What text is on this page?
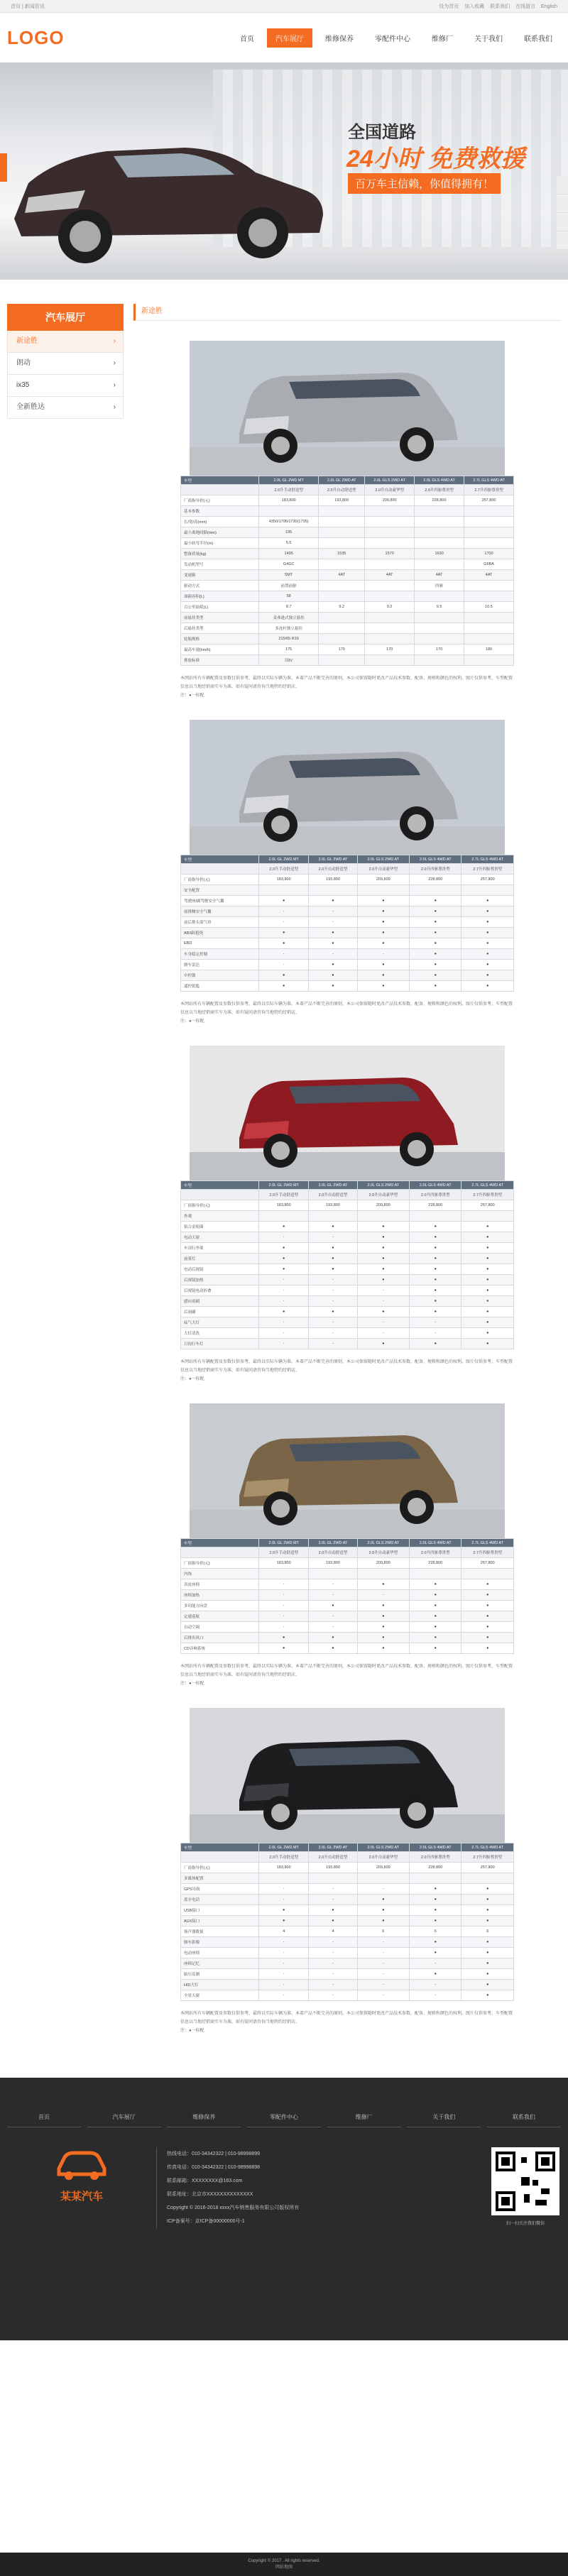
首页 | 新闻资讯	设为首页 加入收藏 联系我们 在线留言 English
LOGO	首页	汽车展厅	维修保养	零配件中心	维修厂	关于我们	联系我们
全国道路
24小时 免费救援
百万车主信赖，你值得拥有！
汽车展厅
新途胜	›
朗动	›
ix35	›
全新胜达	›
新途胜
车型	2.0L GL 2WD MT	2.0L GL 2WD AT	2.0L GLS 2WD AT	2.0L GLS 4WD AT	2.7L GLS 4WD AT
	2.0升手动舒适型	2.0升自动舒适型	2.0升自动豪华型	2.0升四驱尊贵型	2.7升四驱尊贵型
厂商指导价(元)	183,800	193,800	209,800	228,800	257,800
基本参数					
长/宽/高(mm)	4350/1795/1730(1735)				
最小离地间隙(mm)	195				
最小转弯半径(m)	5.5				
整备质量(kg)	1495	1535	1570	1630	1700
发动机型号	G4GC				G6BA
变速箱	5MT	4AT	4AT	4AT	4AT
驱动方式	前置前驱			四驱	
油箱容积(L)	58				
百公里油耗(L)	8.7	9.2	9.2	9.5	10.5
前悬挂类型	麦弗逊式独立悬挂				
后悬挂类型	多连杆独立悬挂				
轮胎规格	215/65 R16				
最高车速(km/h)	175	170	170	170	180
排放标准	国IV				
本网站所有车辆配置及参数仅供参考，最终以实际车辆为准。本着产品不断完善的原则，本公司保留随时更改产品技术参数、配备、规格和颜色的权利。图片仅供参考，车型配置信息以当地经销商实车为准，如有疑问请咨询当地特约经销店。
注：●一标配
车型	2.0L GL 2WD MT	2.0L GL 2WD AT	2.0L GLS 2WD AT	2.0L GLS 4WD AT	2.7L GLS 4WD AT
	2.0升手动舒适型	2.0升自动舒适型	2.0升自动豪华型	2.0升四驱尊贵型	2.7升四驱尊贵型
厂商指导价(元)	183,800	193,800	209,800	228,800	257,800
安全配置					
驾驶座/副驾驶安全气囊	●	●	●	●	●
前排侧安全气囊	-	-	●	●	●
前后排头部气帘	-	-	●	●	●
ABS防抱死	●	●	●	●	●
EBD	●	●	●	●	●
车身稳定控制	-	-	-	●	●
倒车雷达	-	●	●	●	●
中控锁	●	●	●	●	●
遥控钥匙	●	●	●	●	●
本网站所有车辆配置及参数仅供参考，最终以实际车辆为准。本着产品不断完善的原则，本公司保留随时更改产品技术参数、配备、规格和颜色的权利。图片仅供参考，车型配置信息以当地经销商实车为准，如有疑问请咨询当地特约经销店。
注：●一标配
车型	2.0L GL 2WD MT	2.0L GL 2WD AT	2.0L GLS 2WD AT	2.0L GLS 4WD AT	2.7L GLS 4WD AT
	2.0升手动舒适型	2.0升自动舒适型	2.0升自动豪华型	2.0升四驱尊贵型	2.7升四驱尊贵型
厂商指导价(元)	183,800	193,800	209,800	228,800	257,800
外观					
铝合金轮圈	●	●	●	●	●
电动天窗	-	-	●	●	●
车顶行李架	●	●	●	●	●
前雾灯	●	●	●	●	●
电动后视镜	●	●	●	●	●
后视镜加热	-	-	●	●	●
后视镜电动折叠	-	-	-	●	●
感应雨刷	-	-	-	●	●
后雨刷	●	●	●	●	●
疝气大灯	-	-	-	-	●
大灯清洗	-	-	-	-	●
日间行车灯	-	-	●	●	●
本网站所有车辆配置及参数仅供参考，最终以实际车辆为准。本着产品不断完善的原则，本公司保留随时更改产品技术参数、配备、规格和颜色的权利。图片仅供参考，车型配置信息以当地经销商实车为准，如有疑问请咨询当地特约经销店。
注：●一标配
车型	2.0L GL 2WD MT	2.0L GL 2WD AT	2.0L GLS 2WD AT	2.0L GLS 4WD AT	2.7L GLS 4WD AT
	2.0升手动舒适型	2.0升自动舒适型	2.0升自动豪华型	2.0升四驱尊贵型	2.7升四驱尊贵型
厂商指导价(元)	183,800	193,800	209,800	228,800	257,800
内饰					
真皮座椅	-	-	●	●	●
座椅加热	-	-	-	●	●
多功能方向盘	-	●	●	●	●
定速巡航	-	-	●	●	●
自动空调	-	-	●	●	●
后排出风口	●	●	●	●	●
CD音响系统	●	●	●	●	●
本网站所有车辆配置及参数仅供参考，最终以实际车辆为准。本着产品不断完善的原则，本公司保留随时更改产品技术参数、配备、规格和颜色的权利。图片仅供参考，车型配置信息以当地经销商实车为准，如有疑问请咨询当地特约经销店。
注：●一标配
车型	2.0L GL 2WD MT	2.0L GL 2WD AT	2.0L GLS 2WD AT	2.0L GLS 4WD AT	2.7L GLS 4WD AT
	2.0升手动舒适型	2.0升自动舒适型	2.0升自动豪华型	2.0升四驱尊贵型	2.7升四驱尊贵型
厂商指导价(元)	183,800	193,800	209,800	228,800	257,800
多媒体配置					
GPS导航	-	-	-	●	●
蓝牙电话	-	-	●	●	●
USB接口	●	●	●	●	●
AUX接口	●	●	●	●	●
扬声器数量	4	4	6	6	6
倒车影像	-	-	-	●	●
电动座椅	-	-	-	●	●
座椅记忆	-	-	-	-	●
胎压监测	-	-	-	●	●
HID大灯	-	-	-	-	●
全景天窗	-	-	-	-	●
本网站所有车辆配置及参数仅供参考，最终以实际车辆为准。本着产品不断完善的原则，本公司保留随时更改产品技术参数、配备、规格和颜色的权利。图片仅供参考，车型配置信息以当地经销商实车为准，如有疑问请咨询当地特约经销店。
注：●一标配
首页	汽车展厅	维修保养	零配件中心	维修厂	关于我们	联系我们
某某汽车
热线电话：010-34342322 | 010-98998899
传真电话：010-34342322 | 010-98998898
联系邮箱：XXXXXXXX@163.com
联系地址：北京市XXXXXXXXXXXXXX
Copyright © 2016-2018 xxxx汽车销售服务有限公司版权所有
ICP备案号：京ICP备00000000号-1	扫一扫关注我们微信
Copyright © 2017 . All rights reserved.
网站地图
